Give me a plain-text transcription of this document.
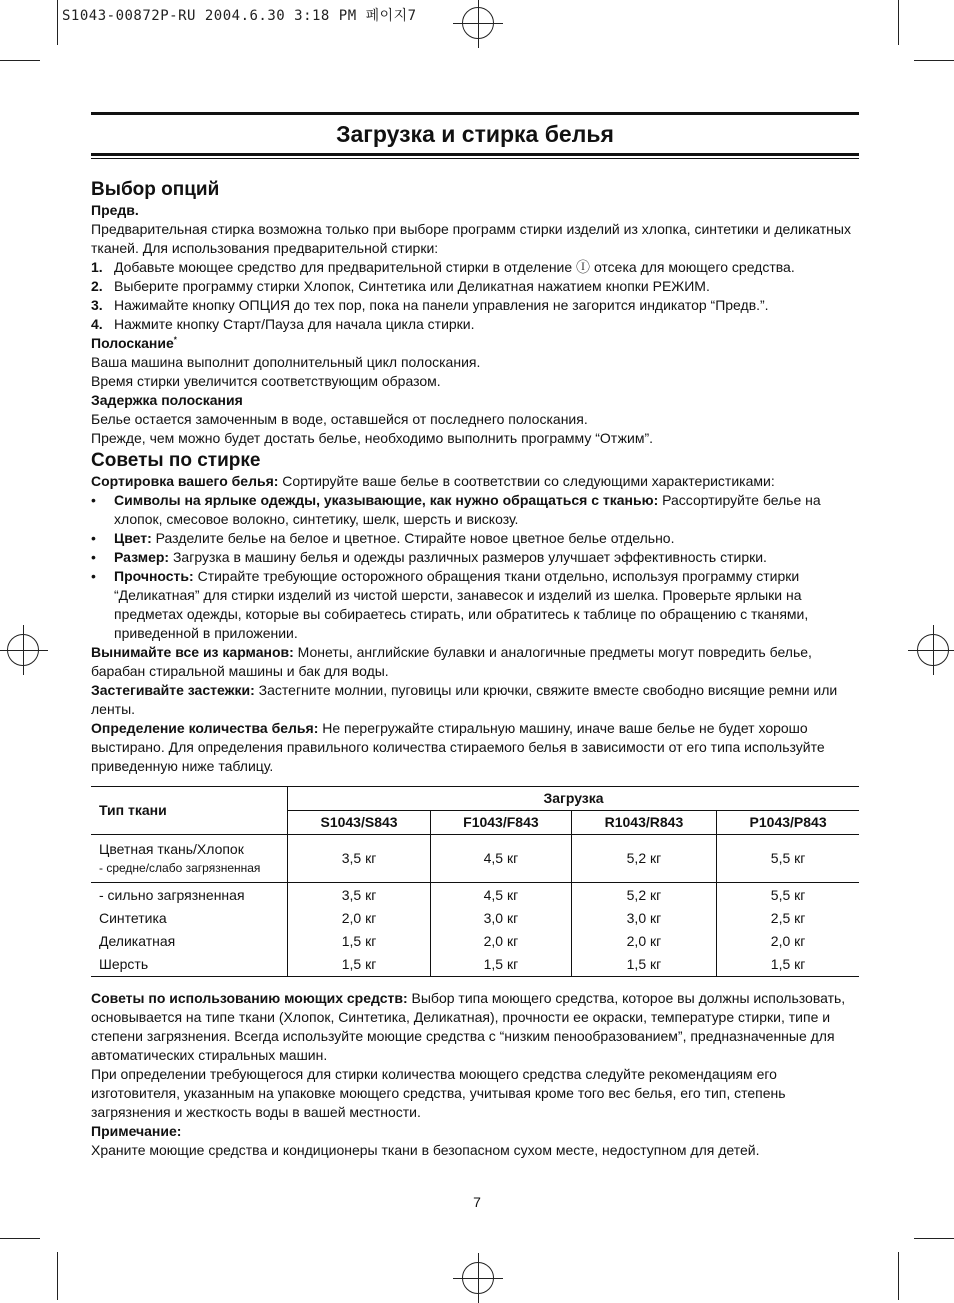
S1043-00872P-RU 2004.6.30 3:18 PM 페이지7
Загрузка и стирка белья
Выбор опций

Предв.

Предварительная стирка возможна только при выборе программ стирки изделий из хлопка, синтетики и деликатных тканей. Для использования предварительной стирки:

1. Добавьте моющее средство для предварительной стирки в отделение Ⓘ отсека для моющего средства.
2. Выберите программу стирки Хлопок, Синтетика или Деликатная нажатием кнопки РЕЖИМ.
3. Нажимайте кнопку ОПЦИЯ до тех пор, пока на панели управления не загорится индикатор “Предв.”.
4. Нажмите кнопку Старт/Пауза для начала цикла стирки.

Полоскание*

Ваша машина выполнит дополнительный цикл полоскания.

Время стирки увеличится соответствующим образом.

Задержка полоскания

Белье остается замоченным в воде, оставшейся от последнего полоскания.

Прежде, чем можно будет достать белье, необходимо выполнить программу “Отжим”.

Советы по стирке

Сортировка вашего белья: Сортируйте ваше белье в соответствии со следующими характеристиками:

•	Символы на ярлыке одежды, указывающие, как нужно обращаться с тканью: Рассортируйте белье на хлопок, смесовое волокно, синтетику, шелк, шерсть и вискозу.
•	Цвет: Разделите белье на белое и цветное. Стирайте новое цветное белье отдельно.
•	Размер: Загрузка в машину белья и одежды различных размеров улучшает эффективность стирки.
•	Прочность: Стирайте требующие осторожного обращения ткани отдельно, используя программу стирки “Деликатная” для стирки изделий из чистой шерсти, занавесок и изделий из шелка. Проверьте ярлыки на предметах одежды, которые вы собираетесь стирать, или обратитесь к таблице по обращению с тканями, приведенной в приложении.

Вынимайте все из карманов: Монеты, английские булавки и аналогичные предметы могут повредить белье, барабан стиральной машины и бак для воды.

Застегивайте застежки: Застегните молнии, пуговицы или крючки, свяжите вместе свободно висящие ремни или ленты.

Определение количества белья: Не перегружайте стиральную машину, иначе ваше белье не будет хорошо выстирано. Для определения правильного количества стираемого белья в зависимости от его типа используйте приведенную ниже таблицу.

Тип ткани	Загрузка			
	S1043/S843	F1043/F843	R1043/R843	P1043/P843

Цветная ткань/Хлопок
- средне/слабо загрязненная	3,5 кг	4,5 кг	5,2 кг	5,5 кг
- сильно загрязненная	3,5 кг	4,5 кг	5,2 кг	5,5 кг
Синтетика	2,0 кг	3,0 кг	3,0 кг	2,5 кг
Деликатная	1,5 кг	2,0 кг	2,0 кг	2,0 кг
Шерсть	1,5 кг	1,5 кг	1,5 кг	1,5 кг

Советы по использованию моющих средств: Выбор типа моющего средства, которое вы должны использовать, основывается на типе ткани (Хлопок, Синтетика, Деликатная), прочности ее окраски, температуре стирки, типе и степени загрязнения. Всегда используйте моющие средства с “низким пенообразованием”, предназначенные для автоматических стиральных машин.

При определении требующегося для стирки количества моющего средства следуйте рекомендациям его изготовителя, указанным на упаковке моющего средства, учитывая кроме того вес белья, его тип, степень загрязнения и жесткость воды в вашей местности.

Примечание:

Храните моющие средства и кондиционеры ткани в безопасном сухом месте, недоступном для детей.

7
